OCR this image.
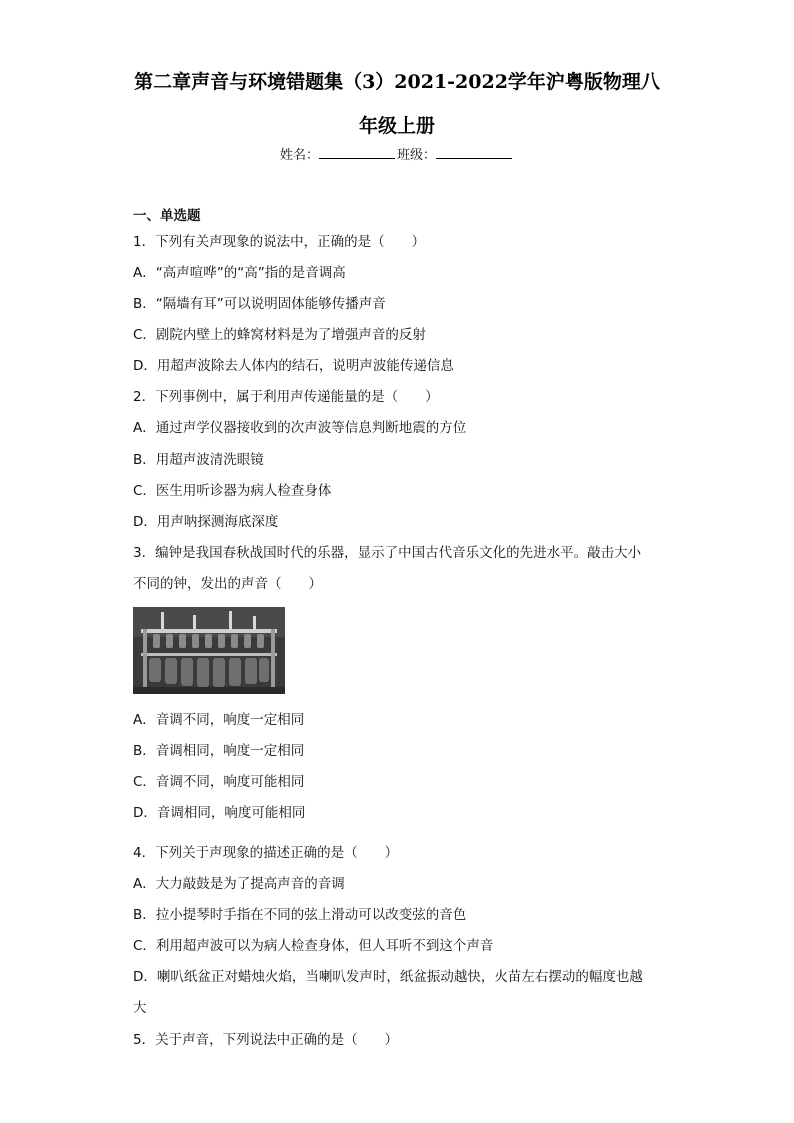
第二章声音与环境错题集（3）2021-2022学年沪粤版物理八
年级上册
姓名：	班级：
一、单选题
1．下列有关声现象的说法中，正确的是（　　）
A．“高声喧哗”的“高”指的是音调高
B．“隔墙有耳”可以说明固体能够传播声音
C．剧院内壁上的蜂窝材料是为了增强声音的反射
D．用超声波除去人体内的结石，说明声波能传递信息
2．下列事例中，属于利用声传递能量的是（　　）
A．通过声学仪器接收到的次声波等信息判断地震的方位
B．用超声波清洗眼镜
C．医生用听诊器为病人检查身体
D．用声呐探测海底深度
3．编钟是我国春秋战国时代的乐器，显示了中国古代音乐文化的先进水平。敲击大小
不同的钟，发出的声音（　　）
A．音调不同，响度一定相同
B．音调相同，响度一定相同
C．音调不同，响度可能相同
D．音调相同，响度可能相同
4．下列关于声现象的描述正确的是（　　）
A．大力敲鼓是为了提高声音的音调
B．拉小提琴时手指在不同的弦上滑动可以改变弦的音色
C．利用超声波可以为病人检查身体，但人耳听不到这个声音
D．喇叭纸盆正对蜡烛火焰，当喇叭发声时，纸盆振动越快，火苗左右摆动的幅度也越
大
5．关于声音，下列说法中正确的是（　　）
